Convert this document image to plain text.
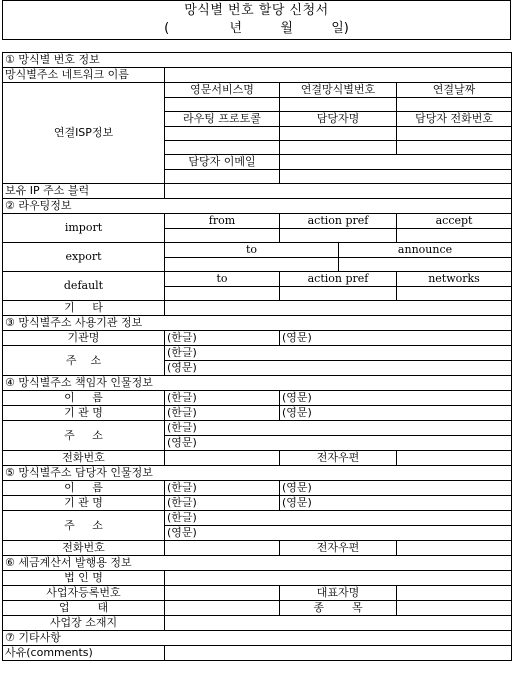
망식별 번호 할당 신청서
(	년	월	일)
① 망식별 번호 정보				
망식별주소 네트워크 이름				
연결ISP정보	영문서비스명	연결망식별번호		연결날짜

	라우팅 프로토콜	담당자명		담당자 전화번호

	담당자 이메일			

보유 IP 주소 블럭				
② 라우팅정보				
import	from	action pref		accept

export	to		announce	

default	to	action pref		networks

기     타				
③ 망식별주소 사용기관 정보				
기관명	(한글)	(영문)		
주    소	(한글)			
	(영문)			
④ 망식별주소 책임자 인물정보				
이     름	(한글)	(영문)		
기 관 명	(한글)	(영문)		
주     소	(한글)			
	(영문)			
전화번호		전자우편		
⑤ 망식별주소 담당자 인물정보				
이     름	(한글)	(영문)		
기 관 명	(한글)	(영문)		
주     소	(한글)			
	(영문)			
전화번호		전자우편		
⑥ 세금계산서 발행용 정보				
법 인 명				
사업자등록번호		대표자명		
업        태		종        목		
사업장 소재지				
⑦ 기타사항				
사유(comments)				
